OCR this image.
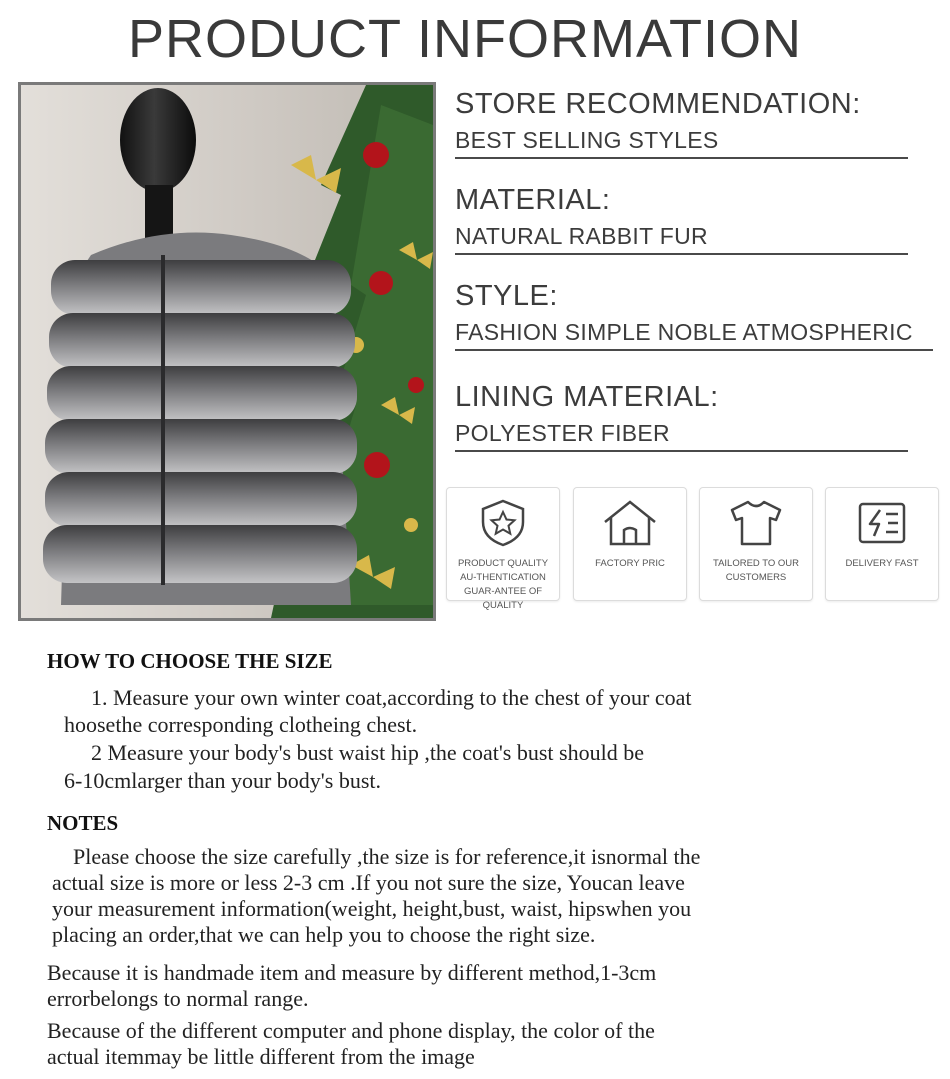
PRODUCT INFORMATION
STORE RECOMMENDATION:
BEST SELLING STYLES
MATERIAL:
NATURAL RABBIT FUR
STYLE:
FASHION SIMPLE NOBLE ATMOSPHERIC
LINING MATERIAL:
POLYESTER FIBER
PRODUCT QUALITY AU-THENTICATION GUAR-ANTEE OF QUALITY
FACTORY PRIC	TAILORED TO OUR CUSTOMERS
DELIVERY FAST
HOW TO CHOOSE THE SIZE
1. Measure your own winter coat,according to the chest of your coat
hoosethe corresponding clotheing chest.
2 Measure your body's bust waist hip ,the coat's bust should be
6-10cmlarger than your body's bust.
NOTES
Please choose the size carefully ,the size is for reference,it isnormal the
actual size is more or less 2-3 cm .If you not sure the size, Youcan leave
your measurement information(weight, height,bust, waist, hipswhen you
placing an order,that we can help you to choose the right size.
Because it is handmade item and measure by different method,1-3cm
errorbelongs to normal range.
Because of the different computer and phone display, the color of the
actual itemmay be little different from the image
